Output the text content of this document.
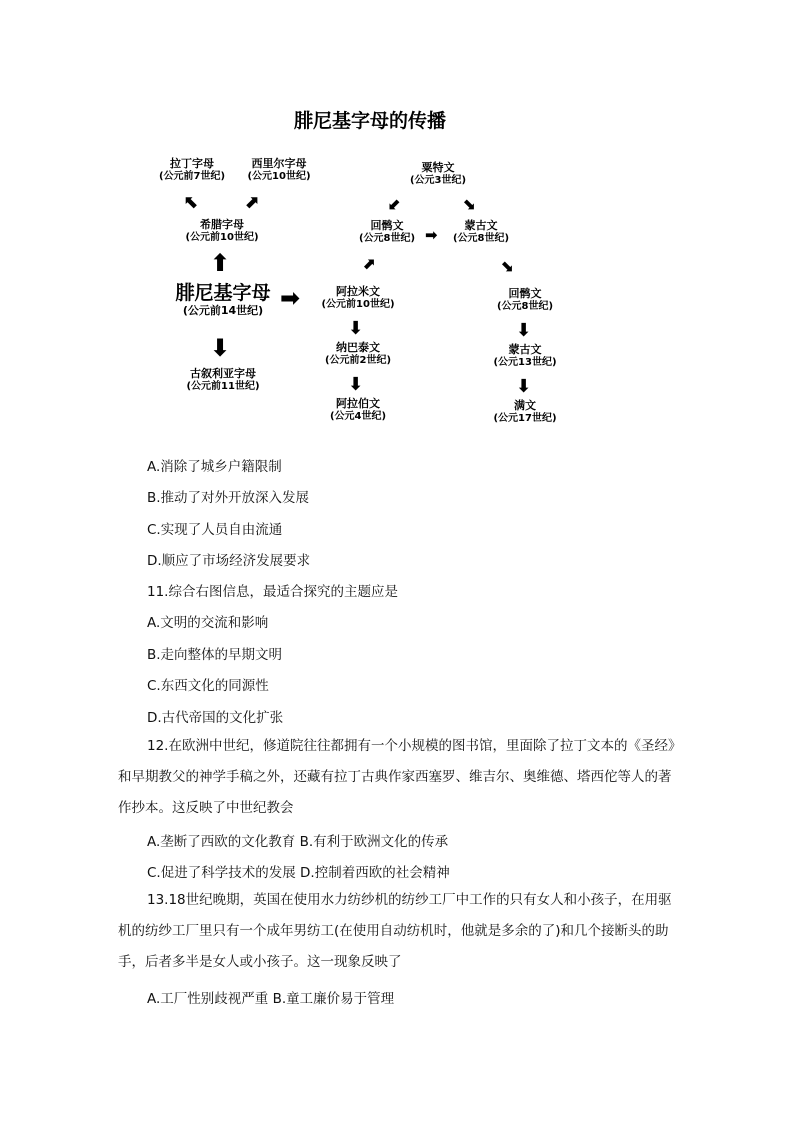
腓尼基字母的传播
拉丁字母
(公元前7世纪)
西里尔字母
(公元10世纪)
⬉ ⬈
希腊字母
(公元前10世纪)
⬆
腓尼基字母
(公元前14世纪) ➡
⬇
古叙利亚字母
(公元前11世纪)
粟特文
(公元3世纪)
⬋	⬊
回鹘文
(公元8世纪) ➡
蒙古文
(公元8世纪)
⬈	⬊
阿拉米文
(公元前10世纪)
⬇
纳巴泰文
(公元前2世纪)
⬇
阿拉伯文
(公元4世纪)
回鹘文
(公元8世纪)
⬇
蒙古文
(公元13世纪)
⬇
满文
(公元17世纪)

A.消除了城乡户籍限制

B.推动了对外开放深入发展

C.实现了人员自由流通

D.顺应了市场经济发展要求

11.综合右图信息，最适合探究的主题应是

A.文明的交流和影响

B.走向整体的早期文明

C.东西文化的同源性

D.古代帝国的文化扩张

12.在欧洲中世纪，修道院往往都拥有一个小规模的图书馆，里面除了拉丁文本的《圣经》和早期教父的神学手稿之外，还藏有拉丁古典作家西塞罗、维吉尔、奥维德、塔西佗等人的著作抄本。这反映了中世纪教会

A.垄断了西欧的文化教育 B.有利于欧洲文化的传承

C.促进了科学技术的发展 D.控制着西欧的社会精神

13.18世纪晚期，英国在使用水力纺纱机的纺纱工厂中工作的只有女人和小孩子，在用驱机的纺纱工厂里只有一个成年男纺工(在使用自动纺机时，他就是多余的了)和几个接断头的助手，后者多半是女人或小孩子。这一现象反映了

A.工厂性别歧视严重 B.童工廉价易于管理
